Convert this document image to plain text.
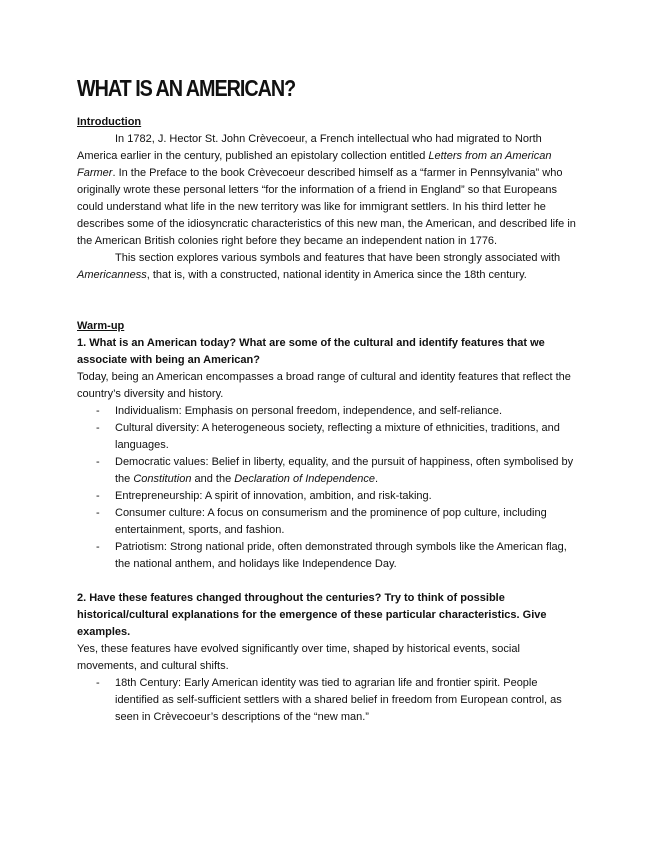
WHAT IS AN AMERICAN?
Introduction

In 1782, J. Hector St. John Crèvecoeur, a French intellectual who had migrated to North America earlier in the century, published an epistolary collection entitled Letters from an American Farmer. In the Preface to the book Crèvecoeur described himself as a “farmer in Pennsylvania” who originally wrote these personal letters “for the information of a friend in England” so that Europeans could understand what life in the new territory was like for immigrant settlers. In his third letter he describes some of the idiosyncratic characteristics of this new man, the American, and described life in the American British colonies right before they became an independent nation in 1776.

This section explores various symbols and features that have been strongly associated with Americanness, that is, with a constructed, national identity in America since the 18th century.

Warm-up

1. What is an American today? What are some of the cultural and identify features that we associate with being an American?

Today, being an American encompasses a broad range of cultural and identity features that reflect the country’s diversity and history.

- Individualism: Emphasis on personal freedom, independence, and self-reliance.
- Cultural diversity: A heterogeneous society, reflecting a mixture of ethnicities, traditions, and languages.
- Democratic values: Belief in liberty, equality, and the pursuit of happiness, often symbolised by the Constitution and the Declaration of Independence.
- Entrepreneurship: A spirit of innovation, ambition, and risk-taking.
- Consumer culture: A focus on consumerism and the prominence of pop culture, including entertainment, sports, and fashion.
- Patriotism: Strong national pride, often demonstrated through symbols like the American flag, the national anthem, and holidays like Independence Day.

2. Have these features changed throughout the centuries? Try to think of possible historical/cultural explanations for the emergence of these particular characteristics. Give examples.

Yes, these features have evolved significantly over time, shaped by historical events, social movements, and cultural shifts.

- 18th Century: Early American identity was tied to agrarian life and frontier spirit. People identified as self-sufficient settlers with a shared belief in freedom from European control, as seen in Crèvecoeur’s descriptions of the “new man.”
